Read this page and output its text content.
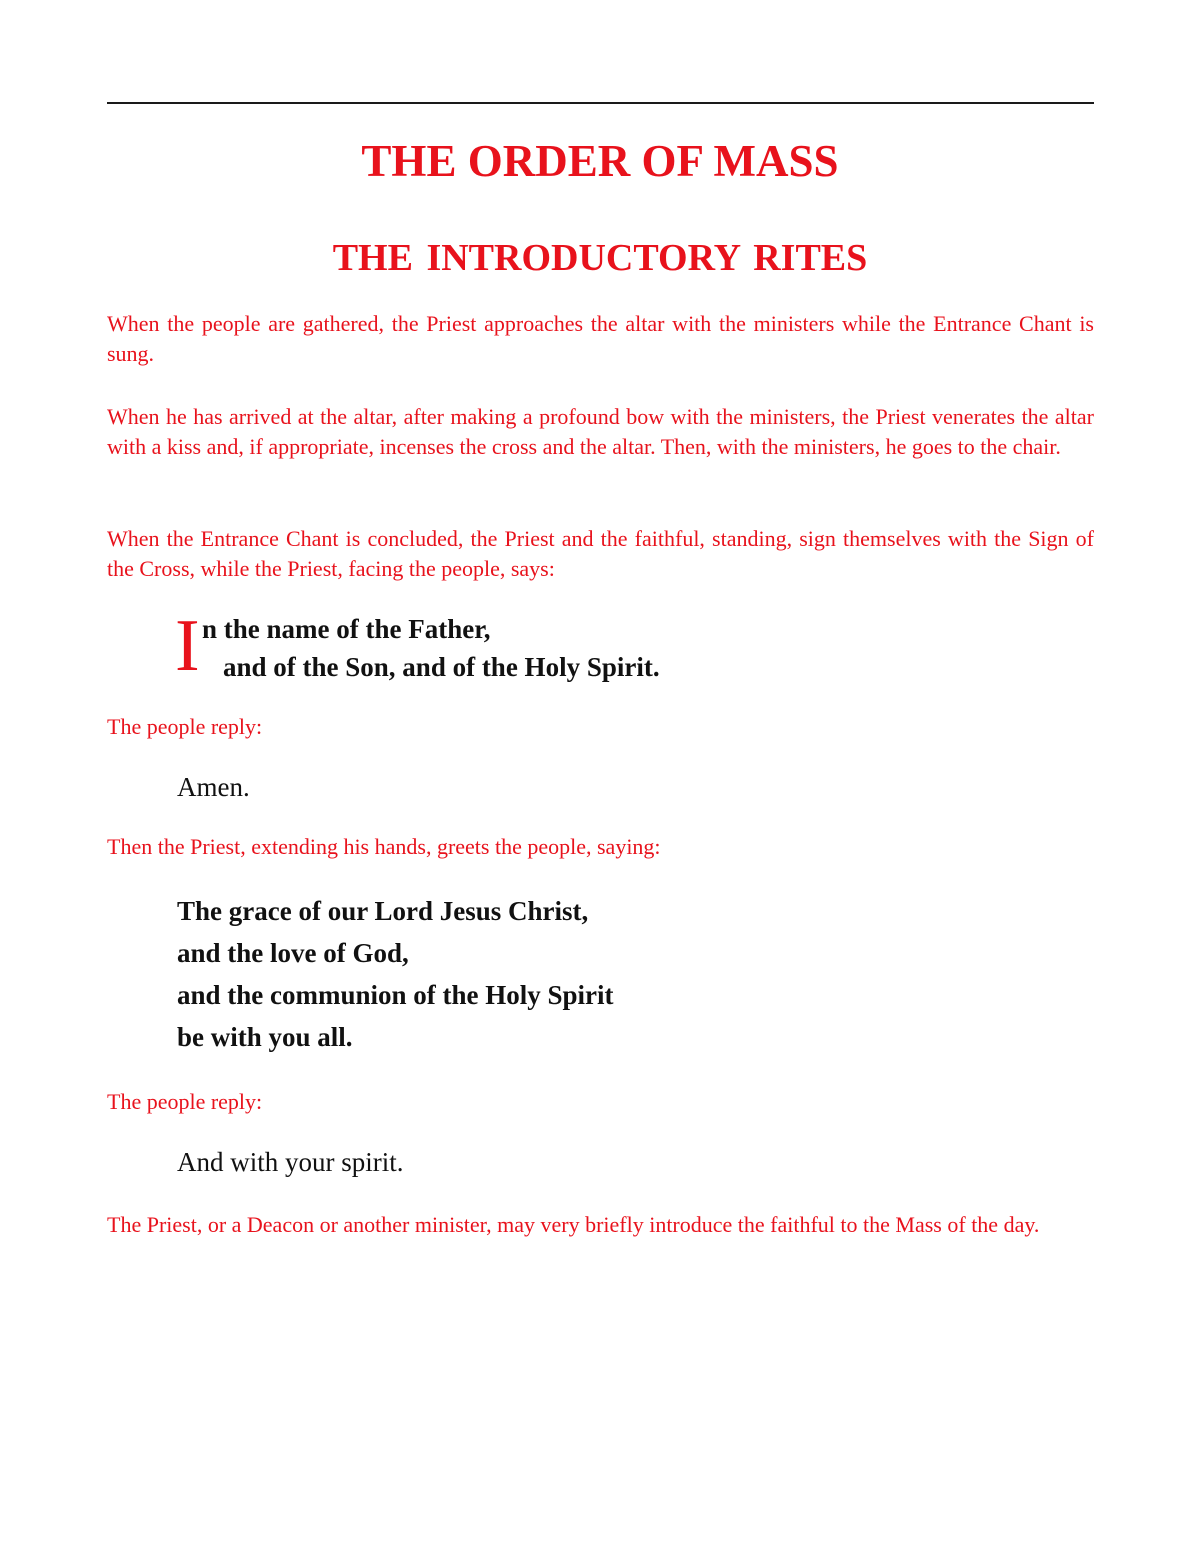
THE ORDER OF MASS
THE INTRODUCTORY RITES

When the people are gathered, the Priest approaches the altar with the ministers while the Entrance Chant is sung.

When he has arrived at the altar, after making a profound bow with the ministers, the Priest venerates the altar with a kiss and, if appropriate, incenses the cross and the altar. Then, with the ministers, he goes to the chair.

When the Entrance Chant is concluded, the Priest and the faithful, standing, sign themselves with the Sign of the Cross, while the Priest, facing the people, says:

I n the name of the Father,
and of the Son, and of the Holy Spirit.

The people reply:

Amen.

Then the Priest, extending his hands, greets the people, saying:

The grace of our Lord Jesus Christ,
and the love of God,
and the communion of the Holy Spirit
be with you all.

The people reply:

And with your spirit.

The Priest, or a Deacon or another minister, may very briefly introduce the faithful to the Mass of the day.
